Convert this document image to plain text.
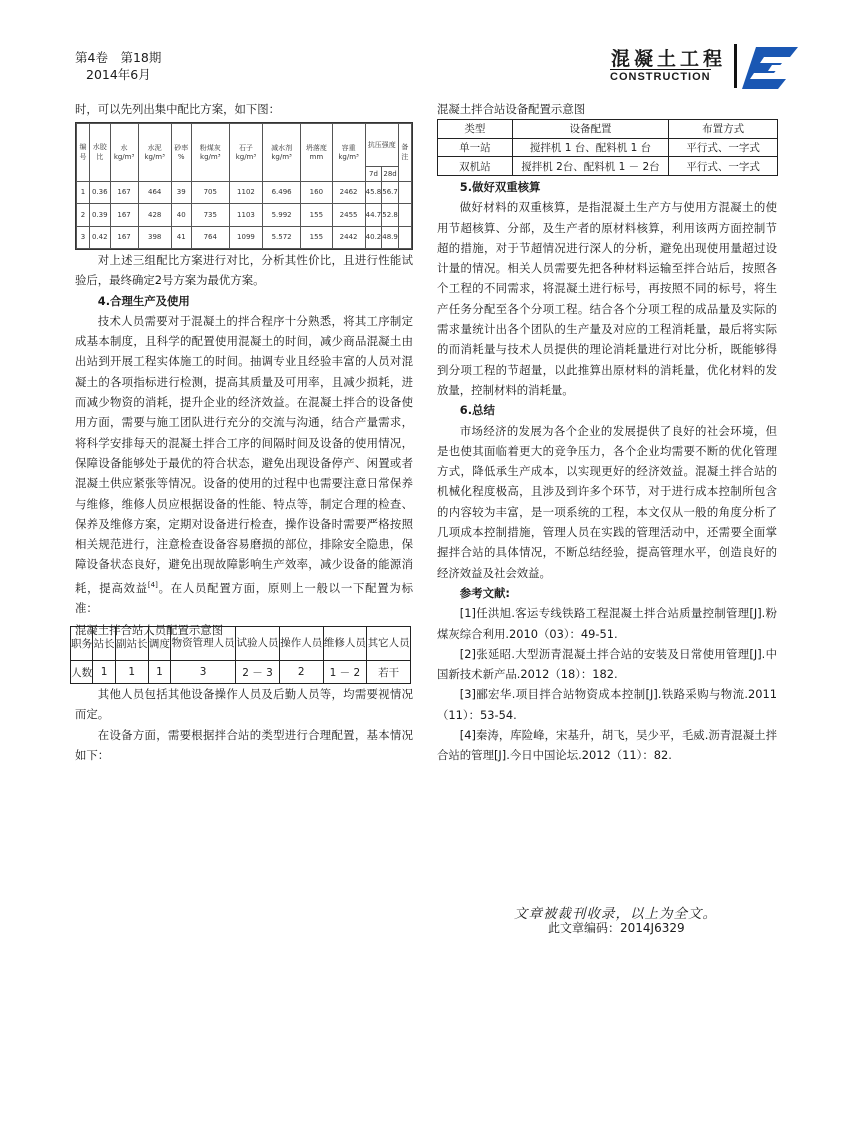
第4卷　第18期
2014年6月
混凝土工程
CONSTRUCTION

时，可以先列出集中配比方案，如下图：

编号	水胶比	水 kg/m³	水泥 kg/m³	砂率 %	粉煤灰 kg/m³	石子 kg/m³	减水剂 kg/m³	坍落度 mm	容重 kg/m³	抗压强度		备注
										7d	28d	
1	0.36	167	464	39	705	1102	6.496	160	2462	45.8	56.7	
2	0.39	167	428	40	735	1103	5.992	155	2455	44.7	52.8	
3	0.42	167	398	41	764	1099	5.572	155	2442	40.2	48.9	

对上述三组配比方案进行对比，分析其性价比，且进行性能试验后，最终确定2号方案为最优方案。

4.合理生产及使用

技术人员需要对于混凝土的拌合程序十分熟悉，将其工序制定成基本制度，且科学的配置使用混凝土的时间，减少商品混凝土由出站到开展工程实体施工的时间。抽调专业且经验丰富的人员对混凝土的各项指标进行检测，提高其质量及可用率，且减少损耗，进而减少物资的消耗，提升企业的经济效益。在混凝土拌合的设备使用方面，需要与施工团队进行充分的交流与沟通，结合产量需求，将科学安排每天的混凝土拌合工序的间隔时间及设备的使用情况，保障设备能够处于最优的符合状态，避免出现设备停产、闲置或者混凝土供应紧张等情况。设备的使用的过程中也需要注意日常保养与维修，维修人员应根据设备的性能、特点等，制定合理的检查、保养及维修方案，定期对设备进行检查，操作设备时需要严格按照相关规范进行，注意检查设备容易磨损的部位，排除安全隐患，保障设备状态良好，避免出现故障影响生产效率，减少设备的能源消耗，提高效益[4]。在人员配置方面，原则上一般以一下配置为标准：

混凝土拌合站人员配置示意图

职务	站长	副站长	调度	物资管理人员	试验人员	操作人员	维修人员	其它人员
人数	1	1	1	3	2 － 3	2	1 － 2	若干

其他人员包括其他设备操作人员及后勤人员等，均需要视情况而定。

在设备方面，需要根据拌合站的类型进行合理配置，基本情况如下：

混凝土拌合站设备配置示意图

类型	设备配置	布置方式
单一站	搅拌机 1 台、配料机 1 台	平行式、一字式
双机站	搅拌机 2台、配料机 1 － 2台	平行式、一字式

5.做好双重核算

做好材料的双重核算，是指混凝土生产方与使用方混凝土的使用节超核算、分部，及生产者的原材料核算，利用该两方面控制节超的措施，对于节超情况进行深人的分析，避免出现使用量超过设计量的情况。相关人员需要先把各种材料运输至拌合站后，按照各个工程的不同需求，将混凝土进行标号，再按照不同的标号，将生产任务分配至各个分项工程。结合各个分项工程的成品量及实际的需求量统计出各个团队的生产量及对应的工程消耗量，最后将实际的而消耗量与技术人员提供的理论消耗量进行对比分析，既能够得到分项工程的节超量，以此推算出原材料的消耗量，优化材料的发放量，控制材料的消耗量。

6.总结

市场经济的发展为各个企业的发展提供了良好的社会环境，但是也使其面临着更大的竞争压力，各个企业均需要不断的优化管理方式，降低承生产成本，以实现更好的经济效益。混凝土拌合站的机械化程度极高，且涉及到许多个环节，对于进行成本控制所包含的内容较为丰富，是一项系统的工程，本文仅从一般的角度分析了几项成本控制措施，管理人员在实践的管理活动中，还需要全面掌握拌合站的具体情况，不断总结经验，提高管理水平，创造良好的经济效益及社会效益。

参考文献:

[1]任洪旭.客运专线铁路工程混凝土拌合站质量控制管理[J].粉煤灰综合利用.2010（03）：49-51.

[2]张延昭.大型沥青混凝土拌合站的安装及日常使用管理[J].中国新技术新产品.2012（18）：182.

[3]郦宏华.项目拌合站物资成本控制[J].铁路采购与物流.2011（11）：53-54.

[4]秦涛，库险峰，宋基升，胡飞，吴少平，毛威.沥青混凝土拌合站的管理[J].今日中国论坛.2012（11）：82.

文章被裁刊收录，以上为全文。
此文章编码：2014J6329
